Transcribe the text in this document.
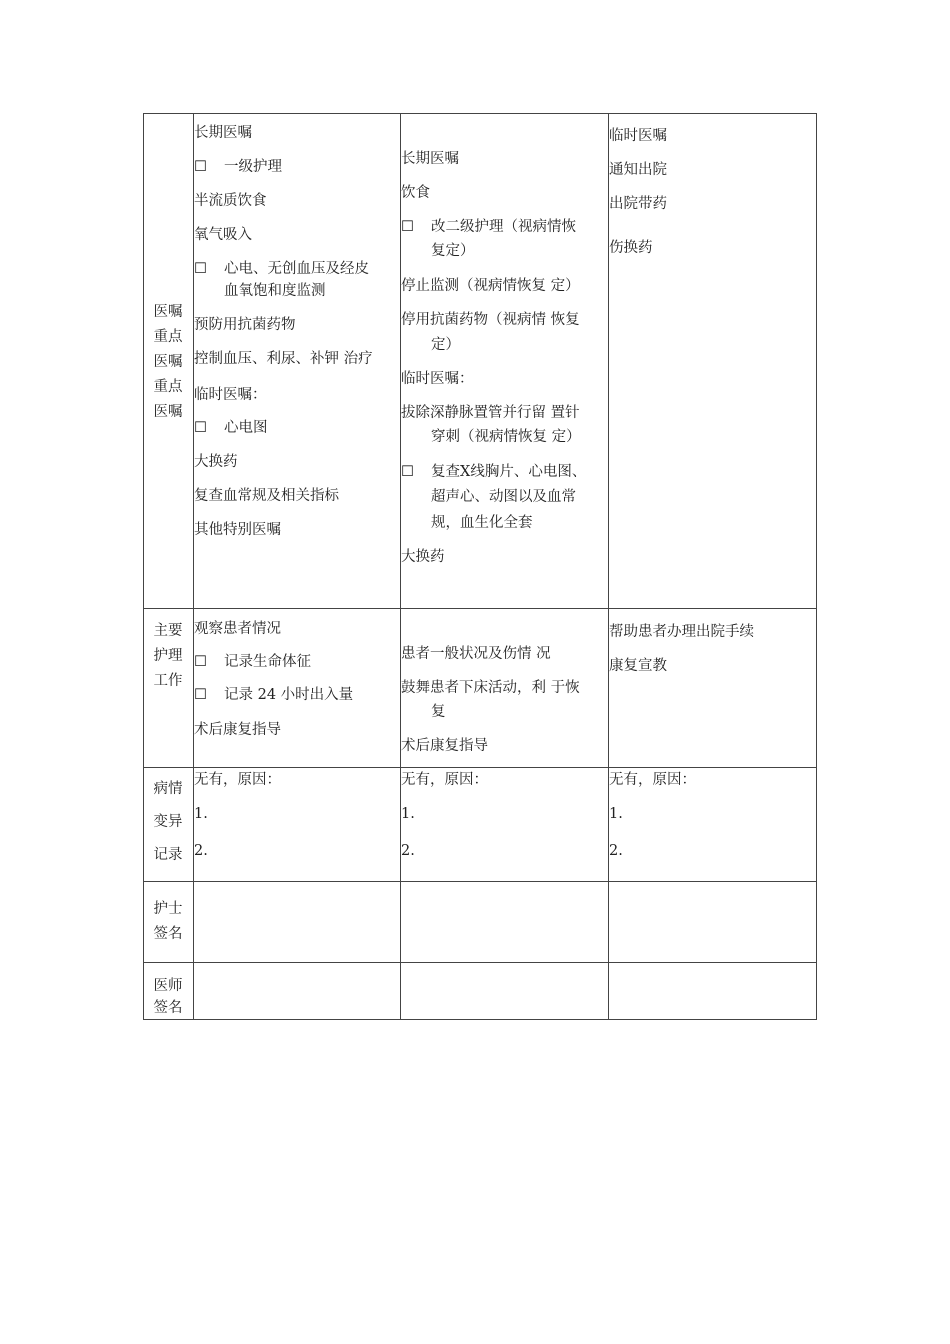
医嘱
重点
医嘱
重点
医嘱
长期医嘱
☐ 一级护理
半流质饮食
氧气吸入
☐ 心电、无创血压及经皮
血氧饱和度监测
预防用抗菌药物
控制血压、利尿、补钾 治疗
临时医嘱：
☐ 心电图
大换药
复查血常规及相关指标
其他特别医嘱
长期医嘱
饮食
☐ 改二级护理（视病情恢
复定）
停止监测（视病情恢复 定）
停用抗菌药物（视病情 恢复
定）
临时医嘱：
拔除深静脉置管并行留 置针
穿刺（视病情恢复 定）
☐ 复查X线胸片、心电图、
超声心、动图以及血常
规，血生化全套
大换药
临时医嘱
通知出院
出院带药
伤换药
主要
护理
工作
观察患者情况
☐ 记录生命体征
☐ 记录 24 小时出入量
术后康复指导
患者一般状况及伤情 况
鼓舞患者下床活动，利 于恢
复
术后康复指导
帮助患者办理出院手续
康复宣教
病情
变异
记录
无有，原因：
1.
2.
无有，原因：
1.
2.
无有，原因：
1.
2.
护士
签名
医师
签名
